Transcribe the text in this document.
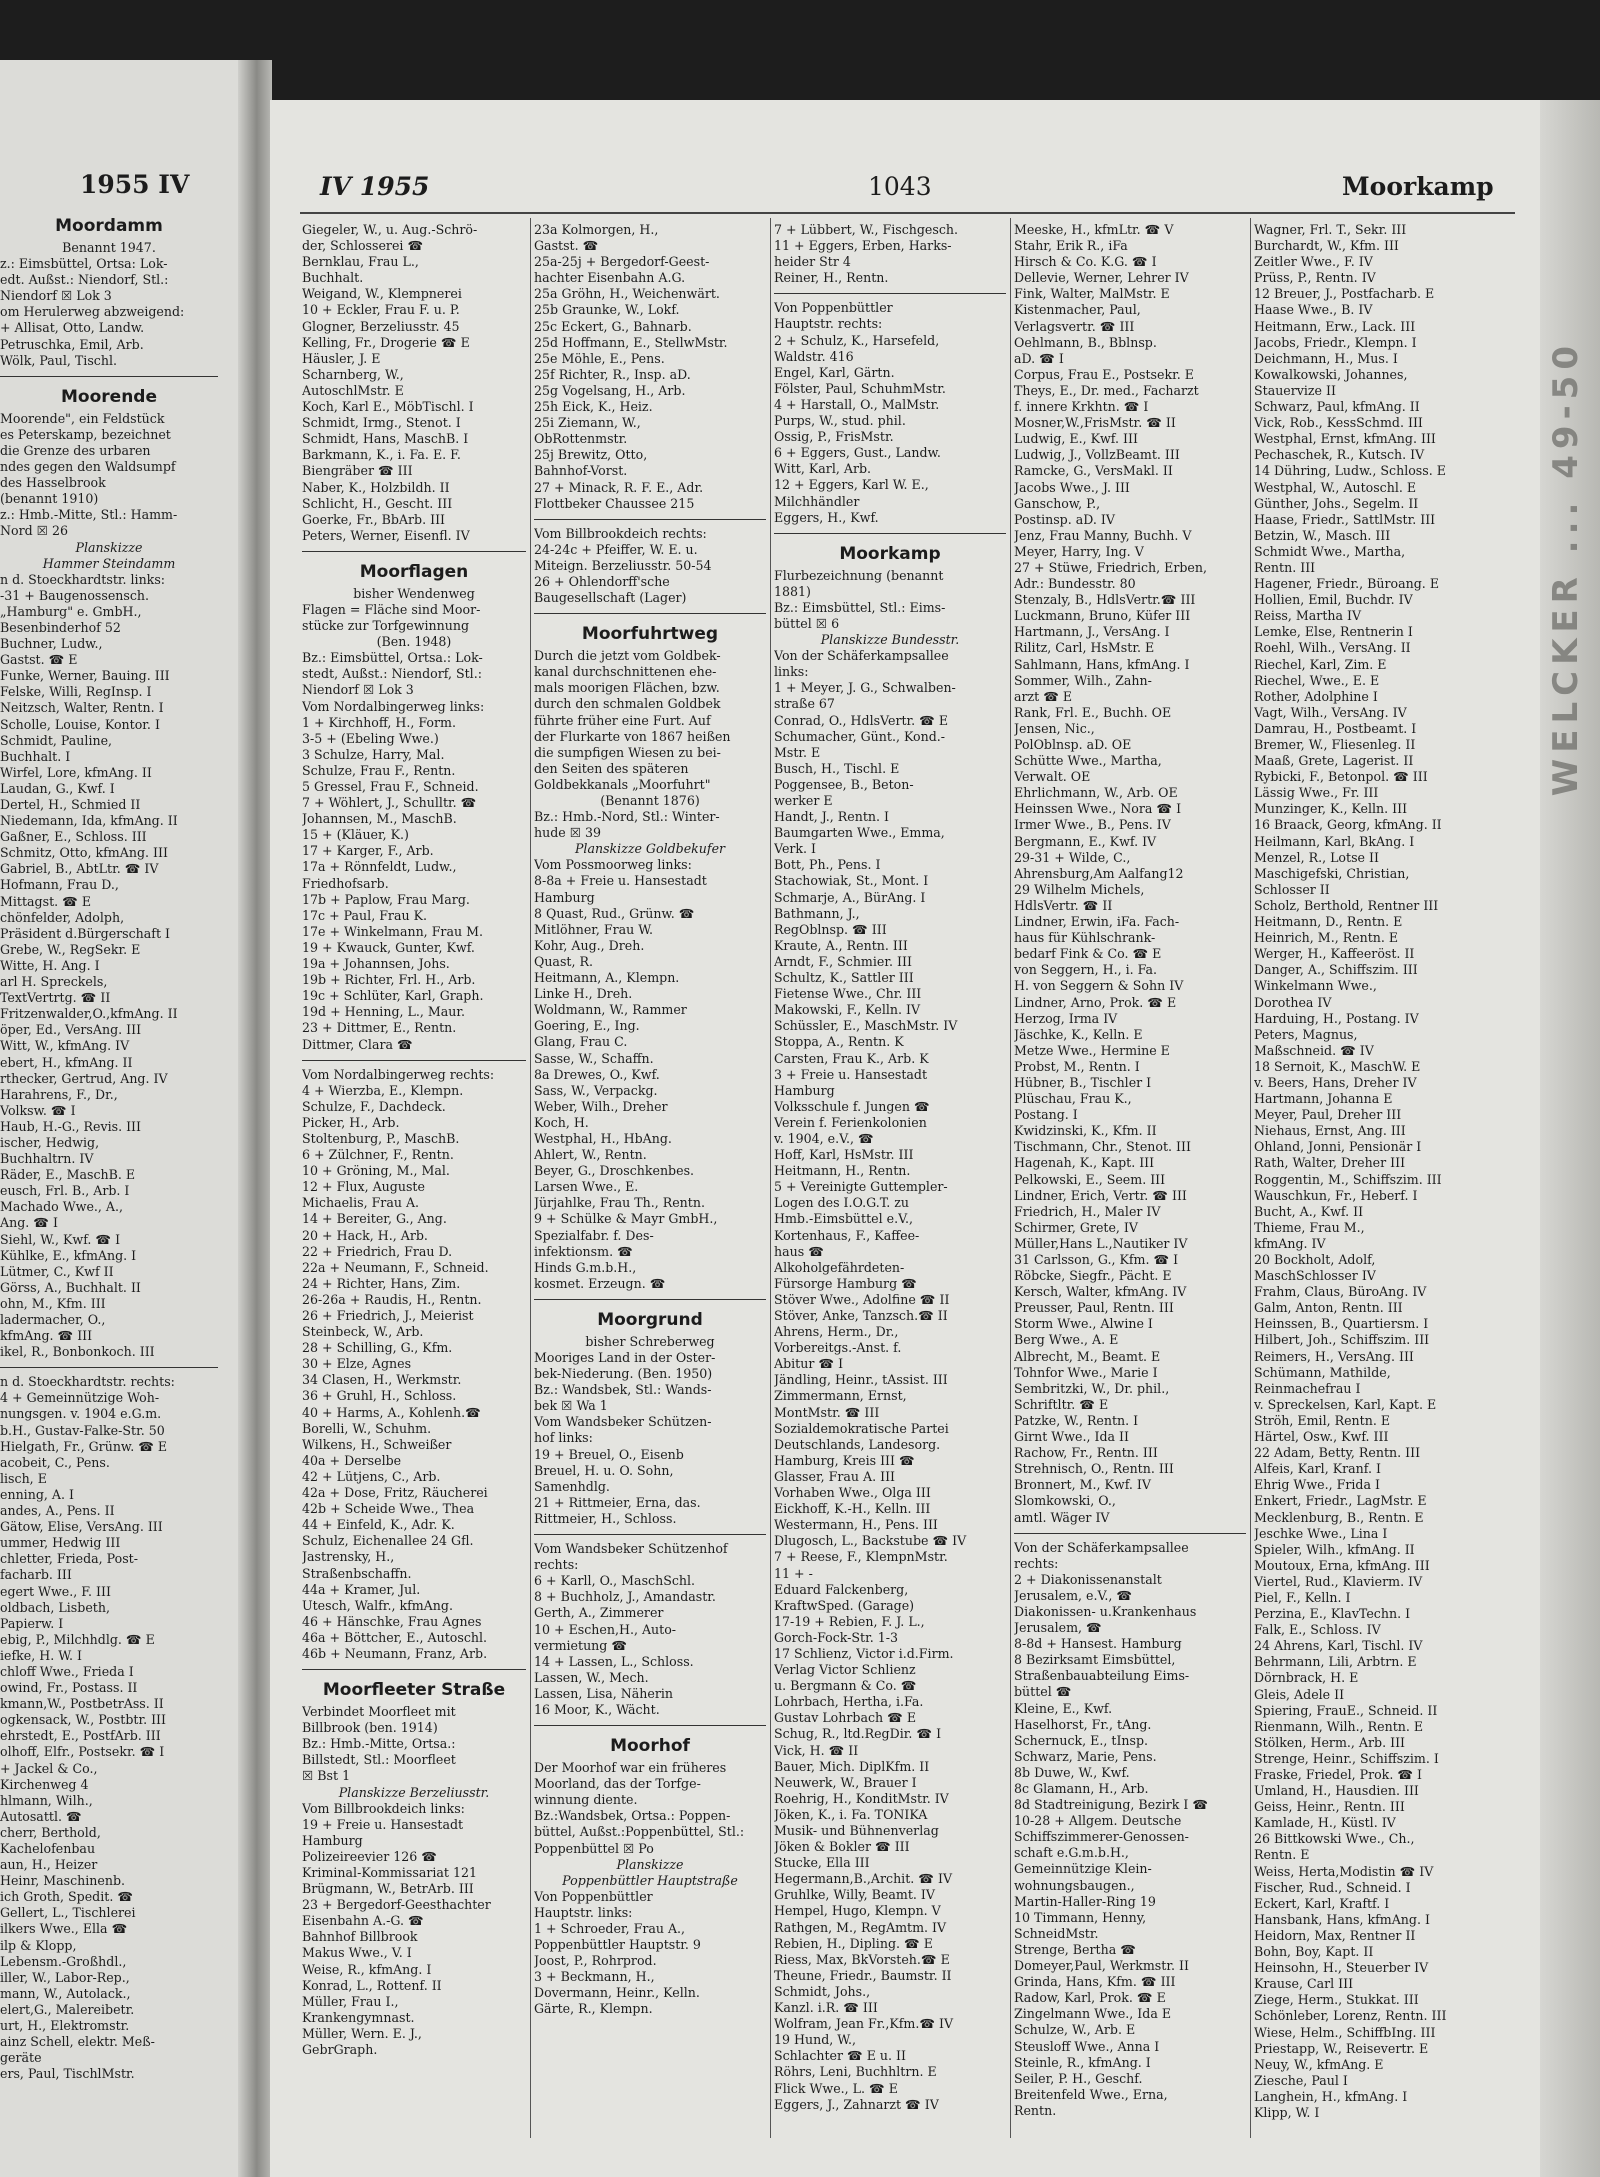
1955 IV
Moordamm
Benannt 1947.
z.: Eimsbüttel, Ortsa: Lok-
edt. Außst.: Niendorf, Stl.:
Niendorf ☒ Lok 3
om Herulerweg abzweigend:
+ Allisat, Otto, Landw.
Petruschka, Emil, Arb.
Wölk, Paul, Tischl.
Moorende
Moorende", ein Feldstück
es Peterskamp, bezeichnet
die Grenze des urbaren
ndes gegen den Waldsumpf
des Hasselbrook
(benannt 1910)
z.: Hmb.-Mitte, Stl.: Hamm-
Nord ☒ 26
Planskizze
Hammer Steindamm
n d. Stoeckhardtstr. links:
-31 + Baugenossensch.
„Hamburg" e. GmbH.,
Besenbinderhof 52
Buchner, Ludw.,
Gastst. ☎ E
Funke, Werner, Bauing. III
Felske, Willi, RegInsp. I
Neitzsch, Walter, Rentn. I
Scholle, Louise, Kontor. I
Schmidt, Pauline,
Buchhalt. I
Wirfel, Lore, kfmAng. II
Laudan, G., Kwf. I
Dertel, H., Schmied II
Niedemann, Ida, kfmAng. II
Gaßner, E., Schloss. III
Schmitz, Otto, kfmAng. III
Gabriel, B., AbtLtr. ☎ IV
Hofmann, Frau D.,
Mittagst. ☎ E
chönfelder, Adolph,
Präsident d.Bürgerschaft I
Grebe, W., RegSekr. E
Witte, H. Ang. I
arl H. Spreckels,
TextVertrtg. ☎ II
Fritzenwalder,O.,kfmAng. II
öper, Ed., VersAng. III
Witt, W., kfmAng. IV
ebert, H., kfmAng. II
rthecker, Gertrud, Ang. IV
Harahrens, F., Dr.,
Volksw. ☎ I
Haub, H.-G., Revis. III
ischer, Hedwig,
Buchhaltrn. IV
Räder, E., MaschB. E
eusch, Frl. B., Arb. I
Machado Wwe., A.,
Ang. ☎ I
Siehl, W., Kwf. ☎ I
Kühlke, E., kfmAng. I
Lütmer, C., Kwf II
Görss, A., Buchhalt. II
ohn, M., Kfm. III
ladermacher, O.,
kfmAng. ☎ III
ikel, R., Bonbonkoch. III
n d. Stoeckhardtstr. rechts:
4 + Gemeinnützige Woh-
nungsgen. v. 1904 e.G.m.
b.H., Gustav-Falke-Str. 50
Hielgath, Fr., Grünw. ☎ E
acobeit, C., Pens.
lisch, E
enning, A. I
andes, A., Pens. II
Gätow, Elise, VersAng. III
ummer, Hedwig III
chletter, Frieda, Post-
facharb. III
egert Wwe., F. III
oldbach, Lisbeth,
Papierw. I
ebig, P., Milchhdlg. ☎ E
iefke, H. W. I
chloff Wwe., Frieda I
owind, Fr., Postass. II
kmann,W., PostbetrAss. II
ogkensack, W., Postbtr. III
ehrstedt, E., PostfArb. III
olhoff, Elfr., Postsekr. ☎ I
+ Jackel & Co.,
Kirchenweg 4
hlmann, Wilh.,
Autosattl. ☎
cherr, Berthold,
Kachelofenbau
aun, H., Heizer
Heinr, Maschinenb.
ich Groth, Spedit. ☎
Gellert, L., Tischlerei
ilkers Wwe., Ella ☎
ilp & Klopp,
Lebensm.-Großhdl.,
iller, W., Labor-Rep.,
mann, W., Autolack.,
elert,G., Malereibetr.
urt, H., Elektromstr.
ainz Schell, elektr. Meß-
geräte
ers, Paul, TischlMstr.
WELCKER ... 49-50
IV 1955	1043	Moorkamp
Giegeler, W., u. Aug.-Schrö-
der, Schlosserei ☎
Bernklau, Frau L.,
Buchhalt.
Weigand, W., Klempnerei
10 + Eckler, Frau F. u. P.
Glogner, Berzeliusstr. 45
Kelling, Fr., Drogerie ☎ E
Häusler, J. E
Scharnberg, W.,
AutoschlMstr. E
Koch, Karl E., MöbTischl. I
Schmidt, Irmg., Stenot. I
Schmidt, Hans, MaschB. I
Barkmann, K., i. Fa. E. F.
Biengräber ☎ III
Naber, K., Holzbildh. II
Schlicht, H., Gescht. III
Goerke, Fr., BbArb. III
Peters, Werner, Eisenfl. IV
Moorflagen
bisher Wendenweg
Flagen = Fläche sind Moor-
stücke zur Torfgewinnung
(Ben. 1948)
Bz.: Eimsbüttel, Ortsa.: Lok-
stedt, Außst.: Niendorf, Stl.:
Niendorf ☒ Lok 3
Vom Nordalbingerweg links:
1 + Kirchhoff, H., Form.
3-5 + (Ebeling Wwe.)
3 Schulze, Harry, Mal.
Schulze, Frau F., Rentn.
5 Gressel, Frau F., Schneid.
7 + Wöhlert, J., Schulltr. ☎
Johannsen, M., MaschB.
15 + (Kläuer, K.)
17 + Karger, F., Arb.
17a + Rönnfeldt, Ludw.,
Friedhofsarb.
17b + Paplow, Frau Marg.
17c + Paul, Frau K.
17e + Winkelmann, Frau M.
19 + Kwauck, Gunter, Kwf.
19a + Johannsen, Johs.
19b + Richter, Frl. H., Arb.
19c + Schlüter, Karl, Graph.
19d + Henning, L., Maur.
23 + Dittmer, E., Rentn.
Dittmer, Clara ☎
Vom Nordalbingerweg rechts:
4 + Wierzba, E., Klempn.
Schulze, F., Dachdeck.
Picker, H., Arb.
Stoltenburg, P., MaschB.
6 + Zülchner, F., Rentn.
10 + Gröning, M., Mal.
12 + Flux, Auguste
Michaelis, Frau A.
14 + Bereiter, G., Ang.
20 + Hack, H., Arb.
22 + Friedrich, Frau D.
22a + Neumann, F., Schneid.
24 + Richter, Hans, Zim.
26-26a + Raudis, H., Rentn.
26 + Friedrich, J., Meierist
Steinbeck, W., Arb.
28 + Schilling, G., Kfm.
30 + Elze, Agnes
34 Clasen, H., Werkmstr.
36 + Gruhl, H., Schloss.
40 + Harms, A., Kohlenh.☎
Borelli, W., Schuhm.
Wilkens, H., Schweißer
40a + Derselbe
42 + Lütjens, C., Arb.
42a + Dose, Fritz, Räucherei
42b + Scheide Wwe., Thea
44 + Einfeld, K., Adr. K.
Schulz, Eichenallee 24 Gfl.
Jastrensky, H.,
Straßenbschaffn.
44a + Kramer, Jul.
Utesch, Walfr., kfmAng.
46 + Hänschke, Frau Agnes
46a + Böttcher, E., Autoschl.
46b + Neumann, Franz, Arb.
Moorfleeter Straße
Verbindet Moorfleet mit
Billbrook (ben. 1914)
Bz.: Hmb.-Mitte, Ortsa.:
Billstedt, Stl.: Moorfleet
☒ Bst 1
Planskizze Berzeliusstr.
Vom Billbrookdeich links:
19 + Freie u. Hansestadt
Hamburg
Polizeireevier 126 ☎
Kriminal-Kommissariat 121
Brügmann, W., BetrArb. III
23 + Bergedorf-Geesthachter
Eisenbahn A.-G. ☎
Bahnhof Billbrook
Makus Wwe., V. I
Weise, R., kfmAng. I
Konrad, L., Rottenf. II
Müller, Frau I.,
Krankengymnast.
Müller, Wern. E. J.,
GebrGraph.
23a Kolmorgen, H.,
Gastst. ☎
25a-25j + Bergedorf-Geest-
hachter Eisenbahn A.G.
25a Gröhn, H., Weichenwärt.
25b Graunke, W., Lokf.
25c Eckert, G., Bahnarb.
25d Hoffmann, E., StellwMstr.
25e Möhle, E., Pens.
25f Richter, R., Insp. aD.
25g Vogelsang, H., Arb.
25h Eick, K., Heiz.
25i Ziemann, W.,
ObRottenmstr.
25j Brewitz, Otto,
Bahnhof-Vorst.
27 + Minack, R. F. E., Adr.
Flottbeker Chaussee 215
Vom Billbrookdeich rechts:
24-24c + Pfeiffer, W. E. u.
Miteign. Berzeliusstr. 50-54
26 + Ohlendorff'sche
Baugesellschaft (Lager)
Moorfuhrtweg
Durch die jetzt vom Goldbek-
kanal durchschnittenen ehe-
mals moorigen Flächen, bzw.
durch den schmalen Goldbek
führte früher eine Furt. Auf
der Flurkarte von 1867 heißen
die sumpfigen Wiesen zu bei-
den Seiten des späteren
Goldbekkanals „Moorfuhrt"
(Benannt 1876)
Bz.: Hmb.-Nord, Stl.: Winter-
hude ☒ 39
Planskizze Goldbekufer
Vom Possmoorweg links:
8-8a + Freie u. Hansestadt
Hamburg
8 Quast, Rud., Grünw. ☎
Mitlöhner, Frau W.
Kohr, Aug., Dreh.
Quast, R.
Heitmann, A., Klempn.
Linke H., Dreh.
Woldmann, W., Rammer
Goering, E., Ing.
Glang, Frau C.
Sasse, W., Schaffn.
8a Drewes, O., Kwf.
Sass, W., Verpackg.
Weber, Wilh., Dreher
Koch, H.
Westphal, H., HbAng.
Ahlert, W., Rentn.
Beyer, G., Droschkenbes.
Larsen Wwe., E.
Jürjahlke, Frau Th., Rentn.
9 + Schülke & Mayr GmbH.,
Spezialfabr. f. Des-
infektionsm. ☎
Hinds G.m.b.H.,
kosmet. Erzeugn. ☎
Moorgrund
bisher Schreberweg
Mooriges Land in der Oster-
bek-Niederung. (Ben. 1950)
Bz.: Wandsbek, Stl.: Wands-
bek ☒ Wa 1
Vom Wandsbeker Schützen-
hof links:
19 + Breuel, O., Eisenb
Breuel, H. u. O. Sohn,
Samenhdlg.
21 + Rittmeier, Erna, das.
Rittmeier, H., Schloss.
Vom Wandsbeker Schützenhof
rechts:
6 + Karll, O., MaschSchl.
8 + Buchholz, J., Amandastr.
Gerth, A., Zimmerer
10 + Eschen,H., Auto-
vermietung ☎
14 + Lassen, L., Schloss.
Lassen, W., Mech.
Lassen, Lisa, Näherin
16 Moor, K., Wächt.
Moorhof
Der Moorhof war ein früheres
Moorland, das der Torfge-
winnung diente.
Bz.:Wandsbek, Ortsa.: Poppen-
büttel, Außst.:Poppenbüttel, Stl.:
Poppenbüttel ☒ Po
Planskizze
Poppenbüttler Hauptstraße
Von Poppenbüttler
Hauptstr. links:
1 + Schroeder, Frau A.,
Poppenbüttler Hauptstr. 9
Joost, P., Rohrprod.
3 + Beckmann, H.,
Dovermann, Heinr., Kelln.
Gärte, R., Klempn.
7 + Lübbert, W., Fischgesch.
11 + Eggers, Erben, Harks-
heider Str 4
Reiner, H., Rentn.
Von Poppenbüttler
Hauptstr. rechts:
2 + Schulz, K., Harsefeld,
Waldstr. 416
Engel, Karl, Gärtn.
Fölster, Paul, SchuhmMstr.
4 + Harstall, O., MalMstr.
Purps, W., stud. phil.
Ossig, P., FrisMstr.
6 + Eggers, Gust., Landw.
Witt, Karl, Arb.
12 + Eggers, Karl W. E.,
Milchhändler
Eggers, H., Kwf.
Moorkamp
Flurbezeichnung (benannt
1881)
Bz.: Eimsbüttel, Stl.: Eims-
büttel ☒ 6
Planskizze Bundesstr.
Von der Schäferkampsallee
links:
1 + Meyer, J. G., Schwalben-
straße 67
Conrad, O., HdlsVertr. ☎ E
Schumacher, Günt., Kond.-
Mstr. E
Busch, H., Tischl. E
Poggensee, B., Beton-
werker E
Handt, J., Rentn. I
Baumgarten Wwe., Emma,
Verk. I
Bott, Ph., Pens. I
Stachowiak, St., Mont. I
Schmarje, A., BürAng. I
Bathmann, J.,
RegOblnsp. ☎ III
Kraute, A., Rentn. III
Arndt, F., Schmier. III
Schultz, K., Sattler III
Fietense Wwe., Chr. III
Makowski, F., Kelln. IV
Schüssler, E., MaschMstr. IV
Stoppa, A., Rentn. K
Carsten, Frau K., Arb. K
3 + Freie u. Hansestadt
Hamburg
Volksschule f. Jungen ☎
Verein f. Ferienkolonien
v. 1904, e.V., ☎
Hoff, Karl, HsMstr. III
Heitmann, H., Rentn.
5 + Vereinigte Guttempler-
Logen des I.O.G.T. zu
Hmb.-Eimsbüttel e.V.,
Kortenhaus, F., Kaffee-
haus ☎
Alkoholgefährdeten-
Fürsorge Hamburg ☎
Stöver Wwe., Adolfine ☎ II
Stöver, Anke, Tanzsch.☎ II
Ahrens, Herm., Dr.,
Vorbereitgs.-Anst. f.
Abitur ☎ I
Jändling, Heinr., tAssist. III
Zimmermann, Ernst,
MontMstr. ☎ III
Sozialdemokratische Partei
Deutschlands, Landesorg.
Hamburg, Kreis III ☎
Glasser, Frau A. III
Vorhaben Wwe., Olga III
Eickhoff, K.-H., Kelln. III
Westermann, H., Pens. III
Dlugosch, L., Backstube ☎ IV
7 + Reese, F., KlempnMstr.
11 + -
Eduard Falckenberg,
KraftwSped. (Garage)
17-19 + Rebien, F. J. L.,
Gorch-Fock-Str. 1-3
17 Schlienz, Victor i.d.Firm.
Verlag Victor Schlienz
u. Bergmann & Co. ☎
Lohrbach, Hertha, i.Fa.
Gustav Lohrbach ☎ E
Schug, R., ltd.RegDir. ☎ I
Vick, H. ☎ II
Bauer, Mich. DiplKfm. II
Neuwerk, W., Brauer I
Roehrig, H., KonditMstr. IV
Jöken, K., i. Fa. TONIKA
Musik- und Bühnenverlag
Jöken & Bokler ☎ III
Stucke, Ella III
Hegermann,B.,Archit. ☎ IV
Gruhlke, Willy, Beamt. IV
Hempel, Hugo, Klempn. V
Rathgen, M., RegAmtm. IV
Rebien, H., Dipling. ☎ E
Riess, Max, BkVorsteh.☎ E
Theune, Friedr., Baumstr. II
Schmidt, Johs.,
Kanzl. i.R. ☎ III
Wolfram, Jean Fr.,Kfm.☎ IV
19 Hund, W.,
Schlachter ☎ E u. II
Röhrs, Leni, Buchhltrn. E
Flick Wwe., L. ☎ E
Eggers, J., Zahnarzt ☎ IV
Meeske, H., kfmLtr. ☎ V
Stahr, Erik R., iFa
Hirsch & Co. K.G. ☎ I
Dellevie, Werner, Lehrer IV
Fink, Walter, MalMstr. E
Kistenmacher, Paul,
Verlagsvertr. ☎ III
Oehlmann, B., Bblnsp.
aD. ☎ I
Corpus, Frau E., Postsekr. E
Theys, E., Dr. med., Facharzt
f. innere Krkhtn. ☎ I
Mosner,W.,FrisMstr. ☎ II
Ludwig, E., Kwf. III
Ludwig, J., VollzBeamt. III
Ramcke, G., VersMakl. II
Jacobs Wwe., J. III
Ganschow, P.,
Postinsp. aD. IV
Jenz, Frau Manny, Buchh. V
Meyer, Harry, Ing. V
27 + Stüwe, Friedrich, Erben,
Adr.: Bundesstr. 80
Stenzaly, B., HdlsVertr.☎ III
Luckmann, Bruno, Küfer III
Hartmann, J., VersAng. I
Rilitz, Carl, HsMstr. E
Sahlmann, Hans, kfmAng. I
Sommer, Wilh., Zahn-
arzt ☎ E
Rank, Frl. E., Buchh. OE
Jensen, Nic.,
PolOblnsp. aD. OE
Schütte Wwe., Martha,
Verwalt. OE
Ehrlichmann, W., Arb. OE
Heinssen Wwe., Nora ☎ I
Irmer Wwe., B., Pens. IV
Bergmann, E., Kwf. IV
29-31 + Wilde, C.,
Ahrensburg,Am Aalfang12
29 Wilhelm Michels,
HdlsVertr. ☎ II
Lindner, Erwin, iFa. Fach-
haus für Kühlschrank-
bedarf Fink & Co. ☎ E
von Seggern, H., i. Fa.
H. von Seggern & Sohn IV
Lindner, Arno, Prok. ☎ E
Herzog, Irma IV
Jäschke, K., Kelln. E
Metze Wwe., Hermine E
Probst, M., Rentn. I
Hübner, B., Tischler I
Plüschau, Frau K.,
Postang. I
Kwidzinski, K., Kfm. II
Tischmann, Chr., Stenot. III
Hagenah, K., Kapt. III
Pelkowski, E., Seem. III
Lindner, Erich, Vertr. ☎ III
Friedrich, H., Maler IV
Schirmer, Grete, IV
Müller,Hans L.,Nautiker IV
31 Carlsson, G., Kfm. ☎ I
Röbcke, Siegfr., Pächt. E
Kersch, Walter, kfmAng. IV
Preusser, Paul, Rentn. III
Storm Wwe., Alwine I
Berg Wwe., A. E
Albrecht, M., Beamt. E
Tohnfor Wwe., Marie I
Sembritzki, W., Dr. phil.,
Schriftltr. ☎ E
Patzke, W., Rentn. I
Girnt Wwe., Ida II
Rachow, Fr., Rentn. III
Strehnisch, O., Rentn. III
Bronnert, M., Kwf. IV
Slomkowski, O.,
amtl. Wäger IV
Von der Schäferkampsallee
rechts:
2 + Diakonissenanstalt
Jerusalem, e.V., ☎
Diakonissen- u.Krankenhaus
Jerusalem, ☎
8-8d + Hansest. Hamburg
8 Bezirksamt Eimsbüttel,
Straßenbauabteilung Eims-
büttel ☎
Kleine, E., Kwf.
Haselhorst, Fr., tAng.
Schernuck, E., tInsp.
Schwarz, Marie, Pens.
8b Duwe, W., Kwf.
8c Glamann, H., Arb.
8d Stadtreinigung, Bezirk I ☎
10-28 + Allgem. Deutsche
Schiffszimmerer-Genossen-
schaft e.G.m.b.H.,
Gemeinnützige Klein-
wohnungsbaugen.,
Martin-Haller-Ring 19
10 Timmann, Henny,
SchneidMstr.
Strenge, Bertha ☎
Domeyer,Paul, Werkmstr. II
Grinda, Hans, Kfm. ☎ III
Radow, Karl, Prok. ☎ E
Zingelmann Wwe., Ida E
Schulze, W., Arb. E
Steusloff Wwe., Anna I
Steinle, R., kfmAng. I
Seiler, P. H., Geschf.
Breitenfeld Wwe., Erna,
Rentn.
Wagner, Frl. T., Sekr. III
Burchardt, W., Kfm. III
Zeitler Wwe., F. IV
Prüss, P., Rentn. IV
12 Breuer, J., Postfacharb. E
Haase Wwe., B. IV
Heitmann, Erw., Lack. III
Jacobs, Friedr., Klempn. I
Deichmann, H., Mus. I
Kowalkowski, Johannes,
Stauervize II
Schwarz, Paul, kfmAng. II
Vick, Rob., KessSchmd. III
Westphal, Ernst, kfmAng. III
Pechaschek, R., Kutsch. IV
14 Dühring, Ludw., Schloss. E
Westphal, W., Autoschl. E
Günther, Johs., Segelm. II
Haase, Friedr., SattlMstr. III
Betzin, W., Masch. III
Schmidt Wwe., Martha,
Rentn. III
Hagener, Friedr., Büroang. E
Hollien, Emil, Buchdr. IV
Reiss, Martha IV
Lemke, Else, Rentnerin I
Roehl, Wilh., VersAng. II
Riechel, Karl, Zim. E
Riechel, Wwe., E. E
Rother, Adolphine I
Vagt, Wilh., VersAng. IV
Damrau, H., Postbeamt. I
Bremer, W., Fliesenleg. II
Maaß, Grete, Lagerist. II
Rybicki, F., Betonpol. ☎ III
Lässig Wwe., Fr. III
Munzinger, K., Kelln. III
16 Braack, Georg, kfmAng. II
Heilmann, Karl, BkAng. I
Menzel, R., Lotse II
Maschigefski, Christian,
Schlosser II
Scholz, Berthold, Rentner III
Heitmann, D., Rentn. E
Heinrich, M., Rentn. E
Werger, H., Kaffeeröst. II
Danger, A., Schiffszim. III
Winkelmann Wwe.,
Dorothea IV
Harduing, H., Postang. IV
Peters, Magnus,
Maßschneid. ☎ IV
18 Sernoit, K., MaschW. E
v. Beers, Hans, Dreher IV
Hartmann, Johanna E
Meyer, Paul, Dreher III
Niehaus, Ernst, Ang. III
Ohland, Jonni, Pensionär I
Rath, Walter, Dreher III
Roggentin, M., Schiffszim. III
Wauschkun, Fr., Heberf. I
Bucht, A., Kwf. II
Thieme, Frau M.,
kfmAng. IV
20 Bockholt, Adolf,
MaschSchlosser IV
Frahm, Claus, BüroAng. IV
Galm, Anton, Rentn. III
Heinssen, B., Quartiersm. I
Hilbert, Joh., Schiffszim. III
Reimers, H., VersAng. III
Schümann, Mathilde,
Reinmachefrau I
v. Spreckelsen, Karl, Kapt. E
Ströh, Emil, Rentn. E
Härtel, Osw., Kwf. III
22 Adam, Betty, Rentn. III
Alfeis, Karl, Kranf. I
Ehrig Wwe., Frida I
Enkert, Friedr., LagMstr. E
Mecklenburg, B., Rentn. E
Jeschke Wwe., Lina I
Spieler, Wilh., kfmAng. II
Moutoux, Erna, kfmAng. III
Viertel, Rud., Klavierm. IV
Piel, F., Kelln. I
Perzina, E., KlavTechn. I
Falk, E., Schloss. IV
24 Ahrens, Karl, Tischl. IV
Behrmann, Lili, Arbtrn. E
Dörnbrack, H. E
Gleis, Adele II
Spiering, FrauE., Schneid. II
Rienmann, Wilh., Rentn. E
Stölken, Herm., Arb. III
Strenge, Heinr., Schiffszim. I
Fraske, Friedel, Prok. ☎ I
Umland, H., Hausdien. III
Geiss, Heinr., Rentn. III
Kamlade, H., Küstl. IV
26 Bittkowski Wwe., Ch.,
Rentn. E
Weiss, Herta,Modistin ☎ IV
Fischer, Rud., Schneid. I
Eckert, Karl, Kraftf. I
Hansbank, Hans, kfmAng. I
Heidorn, Max, Rentner II
Bohn, Boy, Kapt. II
Heinsohn, H., Steuerber IV
Krause, Carl III
Ziege, Herm., Stukkat. III
Schönleber, Lorenz, Rentn. III
Wiese, Helm., SchiffbIng. III
Priestapp, W., Reisevertr. E
Neuy, W., kfmAng. E
Ziesche, Paul I
Langhein, H., kfmAng. I
Klipp, W. I
